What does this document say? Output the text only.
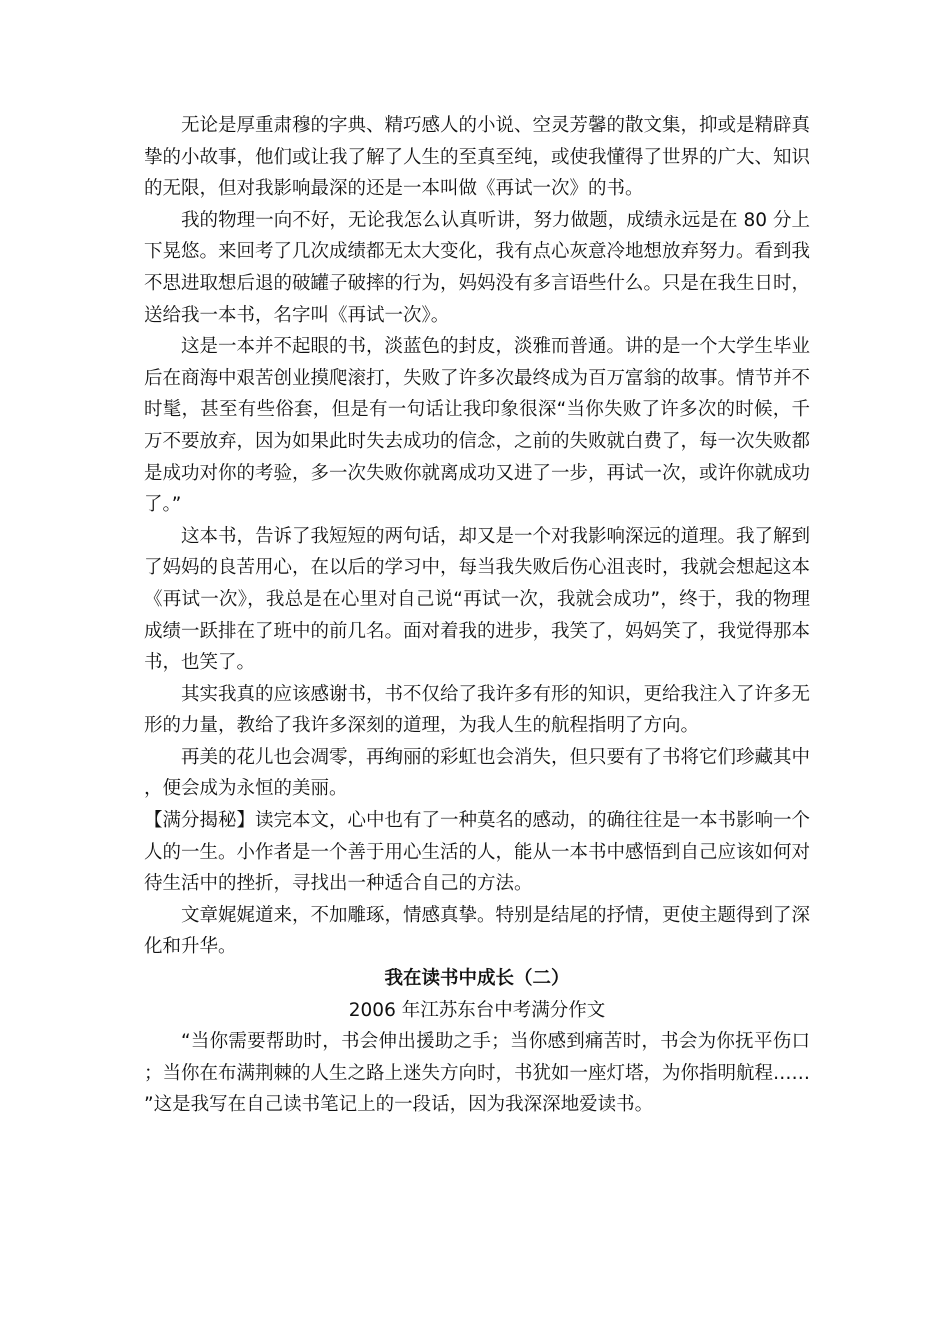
无论是厚重肃穆的字典、精巧感人的小说、空灵芳馨的散文集，抑或是精辟真挚的小故事，他们或让我了解了人生的至真至纯，或使我懂得了世界的广大、知识的无限，但对我影响最深的还是一本叫做《再试一次》的书。

我的物理一向不好，无论我怎么认真听讲，努力做题，成绩永远是在 80 分上下晃悠。来回考了几次成绩都无太大变化，我有点心灰意冷地想放弃努力。看到我不思进取想后退的破罐子破摔的行为，妈妈没有多言语些什么。只是在我生日时，送给我一本书，名字叫《再试一次》。

这是一本并不起眼的书，淡蓝色的封皮，淡雅而普通。讲的是一个大学生毕业后在商海中艰苦创业摸爬滚打，失败了许多次最终成为百万富翁的故事。情节并不时髦，甚至有些俗套，但是有一句话让我印象很深“当你失败了许多次的时候，千万不要放弃，因为如果此时失去成功的信念，之前的失败就白费了，每一次失败都是成功对你的考验，多一次失败你就离成功又进了一步，再试一次，或许你就成功了。”

这本书，告诉了我短短的两句话，却又是一个对我影响深远的道理。我了解到了妈妈的良苦用心，在以后的学习中，每当我失败后伤心沮丧时，我就会想起这本《再试一次》，我总是在心里对自己说“再试一次，我就会成功”，终于，我的物理成绩一跃排在了班中的前几名。面对着我的进步，我笑了，妈妈笑了，我觉得那本书，也笑了。

其实我真的应该感谢书，书不仅给了我许多有形的知识，更给我注入了许多无形的力量，教给了我许多深刻的道理，为我人生的航程指明了方向。

再美的花儿也会凋零，再绚丽的彩虹也会消失，但只要有了书将它们珍藏其中，便会成为永恒的美丽。

【满分揭秘】读完本文，心中也有了一种莫名的感动，的确往往是一本书影响一个人的一生。小作者是一个善于用心生活的人，能从一本书中感悟到自己应该如何对待生活中的挫折，寻找出一种适合自己的方法。

文章娓娓道来，不加雕琢，情感真挚。特别是结尾的抒情，更使主题得到了深化和升华。

我在读书中成长（二）

2006 年江苏东台中考满分作文

“当你需要帮助时，书会伸出援助之手；当你感到痛苦时，书会为你抚平伤口；当你在布满荆棘的人生之路上迷失方向时，书犹如一座灯塔，为你指明航程……”这是我写在自己读书笔记上的一段话，因为我深深地爱读书。
